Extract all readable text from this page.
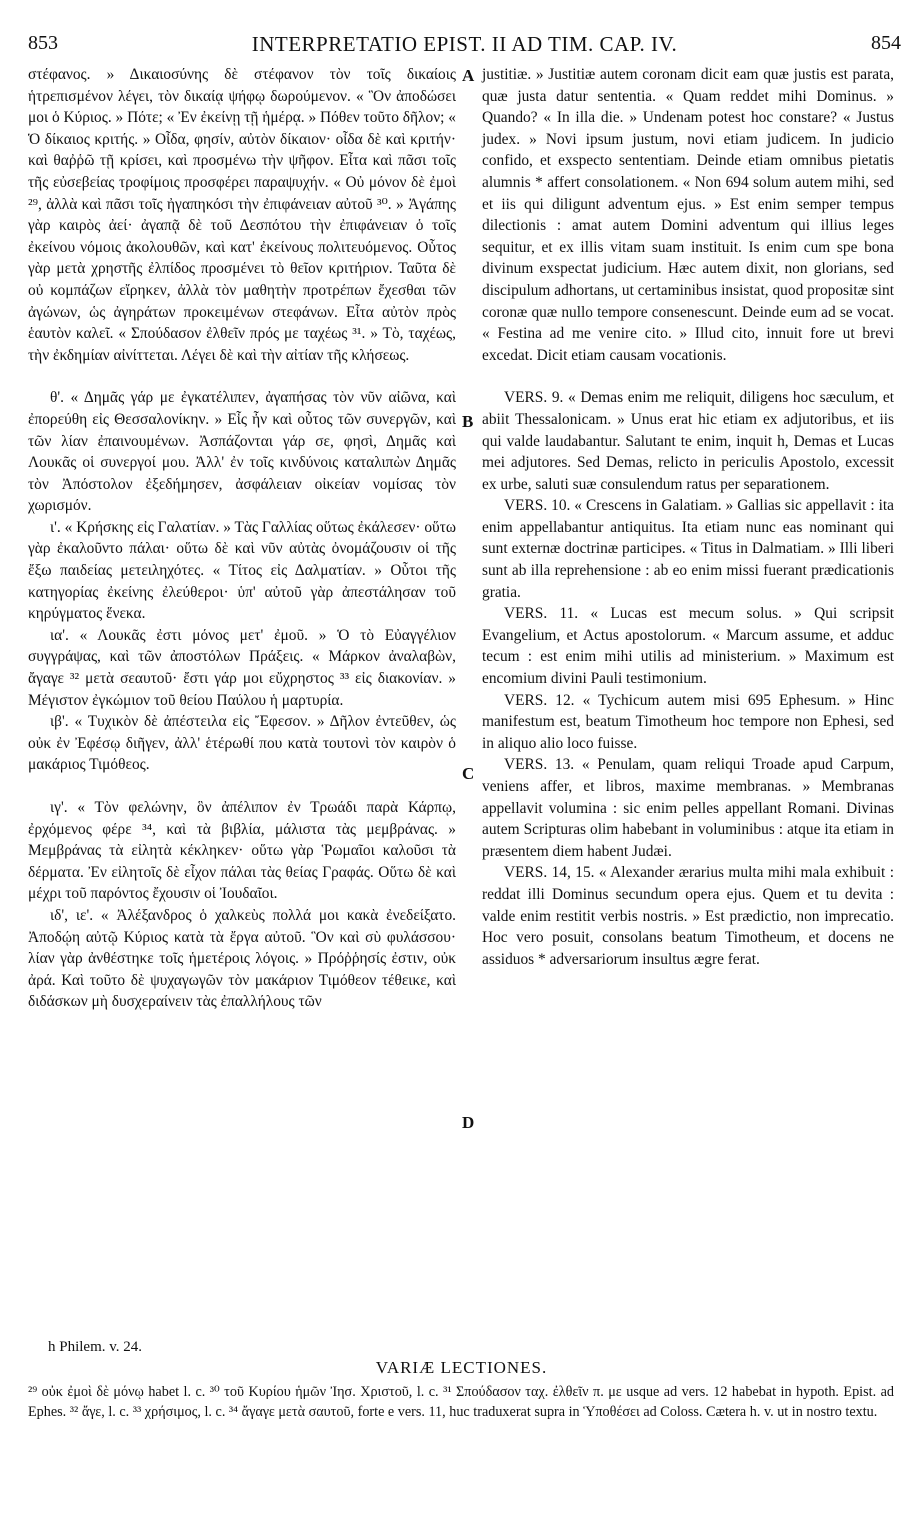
853	INTERPRETATIO EPIST. II AD TIM. CAP. IV.	854

στέφανος. » Δικαιοσύνης δὲ στέφανον τὸν τοῖς δικαίοις ἡτρεπισμένον λέγει, τὸν δικαίᾳ ψήφῳ δωρούμενον. « Ὃν ἀποδώσει μοι ὁ Κύριος. » Πότε; « Ἐν ἐκείνῃ τῇ ἡμέρᾳ. » Πόθεν τοῦτο δῆλον; « Ὁ δίκαιος κριτής. » Οἶδα, φησίν, αὐτὸν δίκαιον· οἶδα δὲ καὶ κριτήν· καὶ θαῤῥῶ τῇ κρίσει, καὶ προσμένω τὴν ψῆφον. Εἶτα καὶ πᾶσι τοῖς τῆς εὐσεβείας τροφίμοις προσφέρει παραψυχήν. « Οὐ μόνον δὲ ἐμοὶ ²⁹, ἀλλὰ καὶ πᾶσι τοῖς ἠγαπηκόσι τὴν ἐπιφάνειαν αὐτοῦ ³⁰. » Ἀγάπης γὰρ καιρὸς ἀεί· ἀγαπᾷ δὲ τοῦ Δεσπότου τὴν ἐπιφάνειαν ὁ τοῖς ἐκείνου νόμοις ἀκολουθῶν, καὶ κατ' ἐκείνους πολιτευόμενος. Οὗτος γὰρ μετὰ χρηστῆς ἐλπίδος προσμένει τὸ θεῖον κριτήριον. Ταῦτα δὲ οὐ κομπάζων εἴρηκεν, ἀλλὰ τὸν μαθητὴν προτρέπων ἔχεσθαι τῶν ἀγώνων, ὡς ἀγηράτων προκειμένων στεφάνων. Εἶτα αὐτὸν πρὸς ἑαυτὸν καλεῖ. « Σπούδασον ἐλθεῖν πρός με ταχέως ³¹. » Τὸ, ταχέως, τὴν ἐκδημίαν αἰνίττεται. Λέγει δὲ καὶ τὴν αἰτίαν τῆς κλήσεως.

θ'. « Δημᾶς γάρ με ἐγκατέλιπεν, ἀγαπήσας τὸν νῦν αἰῶνα, καὶ ἐπορεύθη εἰς Θεσσαλονίκην. » Εἷς ἦν καὶ οὗτος τῶν συνεργῶν, καὶ τῶν λίαν ἐπαινουμένων. Ἀσπάζονται γάρ σε, φησὶ, Δημᾶς καὶ Λουκᾶς οἱ συνεργοί μου. Ἀλλ' ἐν τοῖς κινδύνοις καταλιπὼν Δημᾶς τὸν Ἀπόστολον ἐξεδήμησεν, ἀσφάλειαν οἰκείαν νομίσας τὸν χωρισμόν.

ι'. « Κρήσκης εἰς Γαλατίαν. » Τὰς Γαλλίας οὕτως ἐκάλεσεν· οὕτω γὰρ ἐκαλοῦντο πάλαι· οὕτω δὲ καὶ νῦν αὐτὰς ὀνομάζουσιν οἱ τῆς ἔξω παιδείας μετειληχότες. « Τίτος εἰς Δαλματίαν. » Οὗτοι τῆς κατηγορίας ἐκείνης ἐλεύθεροι· ὑπ' αὐτοῦ γὰρ ἀπεστάλησαν τοῦ κηρύγματος ἕνεκα.

ια'. « Λουκᾶς ἐστι μόνος μετ' ἐμοῦ. » Ὁ τὸ Εὐαγγέλιον συγγράψας, καὶ τῶν ἀποστόλων Πράξεις. « Μάρκον ἀναλαβὼν, ἄγαγε ³² μετὰ σεαυτοῦ· ἔστι γάρ μοι εὔχρηστος ³³ εἰς διακονίαν. » Μέγιστον ἐγκώμιον τοῦ θείου Παύλου ἡ μαρτυρία.

ιβ'. « Τυχικὸν δὲ ἀπέστειλα εἰς Ἔφεσον. » Δῆλον ἐντεῦθεν, ὡς οὐκ ἐν Ἐφέσῳ διῆγεν, ἀλλ' ἑτέρωθί που κατὰ τουτονὶ τὸν καιρὸν ὁ μακάριος Τιμόθεος.

ιγ'. « Τὸν φελώνην, ὃν ἀπέλιπον ἐν Τρωάδι παρὰ Κάρπῳ, ἐρχόμενος φέρε ³⁴, καὶ τὰ βιβλία, μάλιστα τὰς μεμβράνας. » Μεμβράνας τὰ εἰλητὰ κέκληκεν· οὕτω γὰρ Ῥωμαῖοι καλοῦσι τὰ δέρματα. Ἐν εἰλητοῖς δὲ εἶχον πάλαι τὰς θείας Γραφάς. Οὕτω δὲ καὶ μέχρι τοῦ παρόντος ἔχουσιν οἱ Ἰουδαῖοι.

ιδ', ιε'. « Ἀλέξανδρος ὁ χαλκεὺς πολλά μοι κακὰ ἐνεδείξατο. Ἀποδῴη αὐτῷ Κύριος κατὰ τὰ ἔργα αὐτοῦ. Ὃν καὶ σὺ φυλάσσου· λίαν γὰρ ἀνθέστηκε τοῖς ἡμετέροις λόγοις. » Πρόῤῥησίς ἐστιν, οὐκ ἀρά. Καὶ τοῦτο δὲ ψυχαγωγῶν τὸν μακάριον Τιμόθεον τέθεικε, καὶ διδάσκων μὴ δυσχεραίνειν τὰς ἐπαλλήλους τῶν

A
B
C
D

justitiæ. » Justitiæ autem coronam dicit eam quæ justis est parata, quæ justa datur sententia. « Quam reddet mihi Dominus. » Quando? « In illa die. » Undenam potest hoc constare? « Justus judex. » Novi ipsum justum, novi etiam judicem. In judicio confido, et exspecto sententiam. Deinde etiam omnibus pietatis alumnis * affert consolationem. « Non 694 solum autem mihi, sed et iis qui diligunt adventum ejus. » Est enim semper tempus dilectionis : amat autem Domini adventum qui illius leges sequitur, et ex illis vitam suam instituit. Is enim cum spe bona divinum exspectat judicium. Hæc autem dixit, non glorians, sed discipulum adhortans, ut certaminibus insistat, quod propositæ sint coronæ quæ nullo tempore consenescunt. Deinde eum ad se vocat. « Festina ad me venire cito. » Illud cito, innuit fore ut brevi excedat. Dicit etiam causam vocationis.

VERS. 9. « Demas enim me reliquit, diligens hoc sæculum, et abiit Thessalonicam. » Unus erat hic etiam ex adjutoribus, et iis qui valde laudabantur. Salutant te enim, inquit h, Demas et Lucas mei adjutores. Sed Demas, relicto in periculis Apostolo, excessit ex urbe, saluti suæ consulendum ratus per separationem.

VERS. 10. « Crescens in Galatiam. » Gallias sic appellavit : ita enim appellabantur antiquitus. Ita etiam nunc eas nominant qui sunt externæ doctrinæ participes. « Titus in Dalmatiam. » Illi liberi sunt ab illa reprehensione : ab eo enim missi fuerant prædicationis gratia.

VERS. 11. « Lucas est mecum solus. » Qui scripsit Evangelium, et Actus apostolorum. « Marcum assume, et adduc tecum : est enim mihi utilis ad ministerium. » Maximum est encomium divini Pauli testimonium.

VERS. 12. « Tychicum autem misi 695 Ephesum. » Hinc manifestum est, beatum Timotheum hoc tempore non Ephesi, sed in aliquo alio loco fuisse.

VERS. 13. « Penulam, quam reliqui Troade apud Carpum, veniens affer, et libros, maxime membranas. » Membranas appellavit volumina : sic enim pelles appellant Romani. Divinas autem Scripturas olim habebant in voluminibus : atque ita etiam in præsentem diem habent Judæi.

VERS. 14, 15. « Alexander ærarius multa mihi mala exhibuit : reddat illi Dominus secundum opera ejus. Quem et tu devita : valde enim restitit verbis nostris. » Est prædictio, non imprecatio. Hoc vero posuit, consolans beatum Timotheum, et docens ne assiduos * adversariorum insultus ægre ferat.

h Philem. v. 24.
VARIÆ LECTIONES.

²⁹ οὐκ ἐμοὶ δὲ μόνῳ habet l. c. ³⁰ τοῦ Κυρίου ἡμῶν Ἰησ. Χριστοῦ, l. c. ³¹ Σπούδασον ταχ. ἐλθεῖν π. με usque ad vers. 12 habebat in hypoth. Epist. ad Ephes. ³² ἄγε, l. c. ³³ χρήσιμος, l. c. ³⁴ ἄγαγε μετὰ σαυτοῦ, forte e vers. 11, huc traduxerat supra in Ὑποθέσει ad Coloss. Cætera h. v. ut in nostro textu.
